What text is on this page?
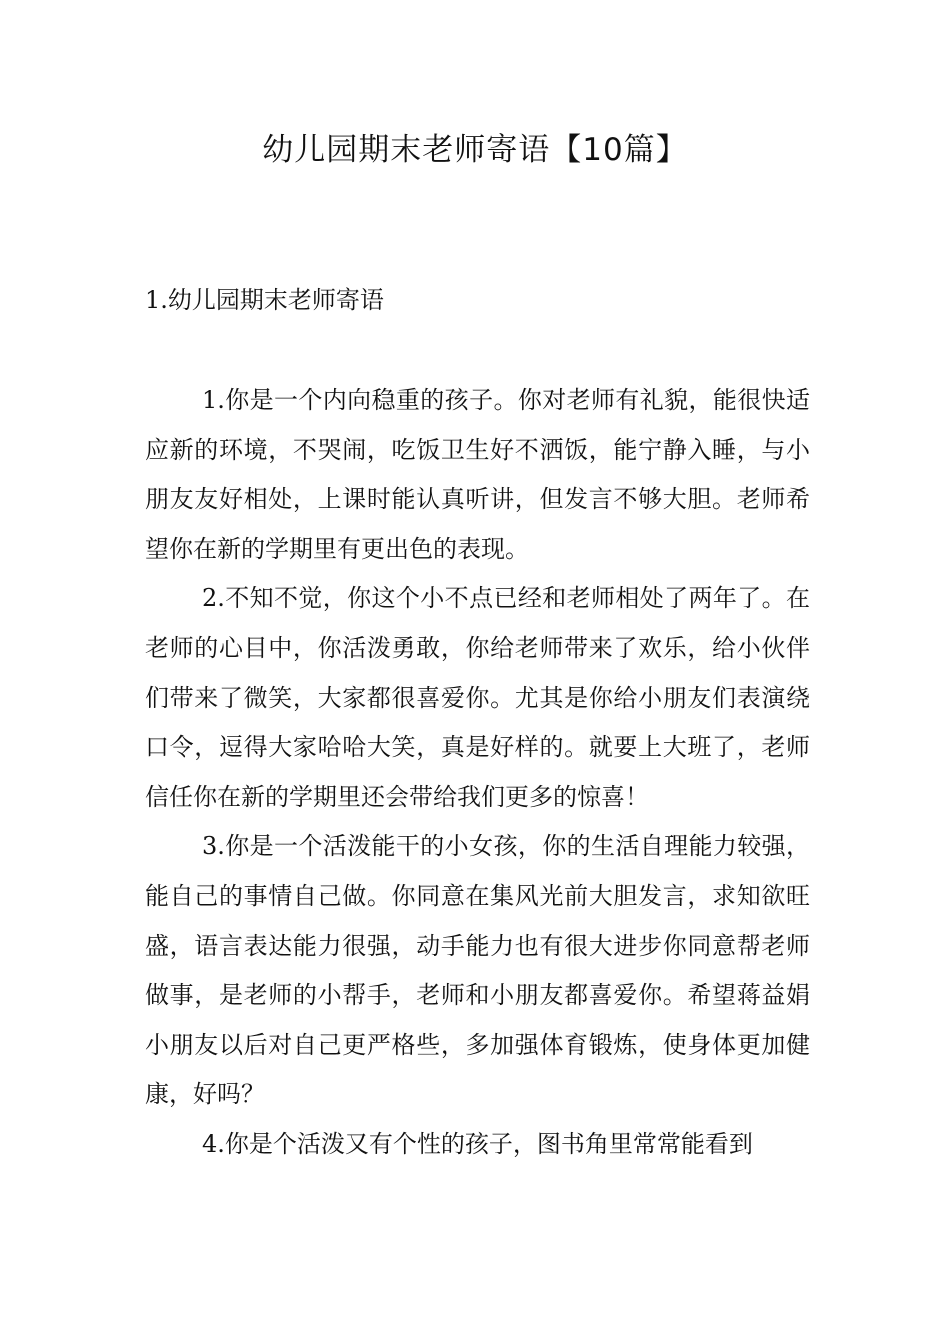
幼儿园期末老师寄语【10篇】
1.幼儿园期末老师寄语

1.你是一个内向稳重的孩子。你对老师有礼貌，能很快适应新的环境，不哭闹，吃饭卫生好不洒饭，能宁静入睡，与小朋友友好相处，上课时能认真听讲，但发言不够大胆。老师希望你在新的学期里有更出色的表现。

2.不知不觉，你这个小不点已经和老师相处了两年了。在老师的心目中，你活泼勇敢，你给老师带来了欢乐，给小伙伴们带来了微笑，大家都很喜爱你。尤其是你给小朋友们表演绕口令，逗得大家哈哈大笑，真是好样的。就要上大班了，老师信任你在新的学期里还会带给我们更多的惊喜！

3.你是一个活泼能干的小女孩，你的生活自理能力较强，能自己的事情自己做。你同意在集风光前大胆发言，求知欲旺盛，语言表达能力很强，动手能力也有很大进步你同意帮老师做事，是老师的小帮手，老师和小朋友都喜爱你。希望蒋益娟小朋友以后对自己更严格些，多加强体育锻炼，使身体更加健康，好吗？

4.你是个活泼又有个性的孩子，图书角里常常能看到
